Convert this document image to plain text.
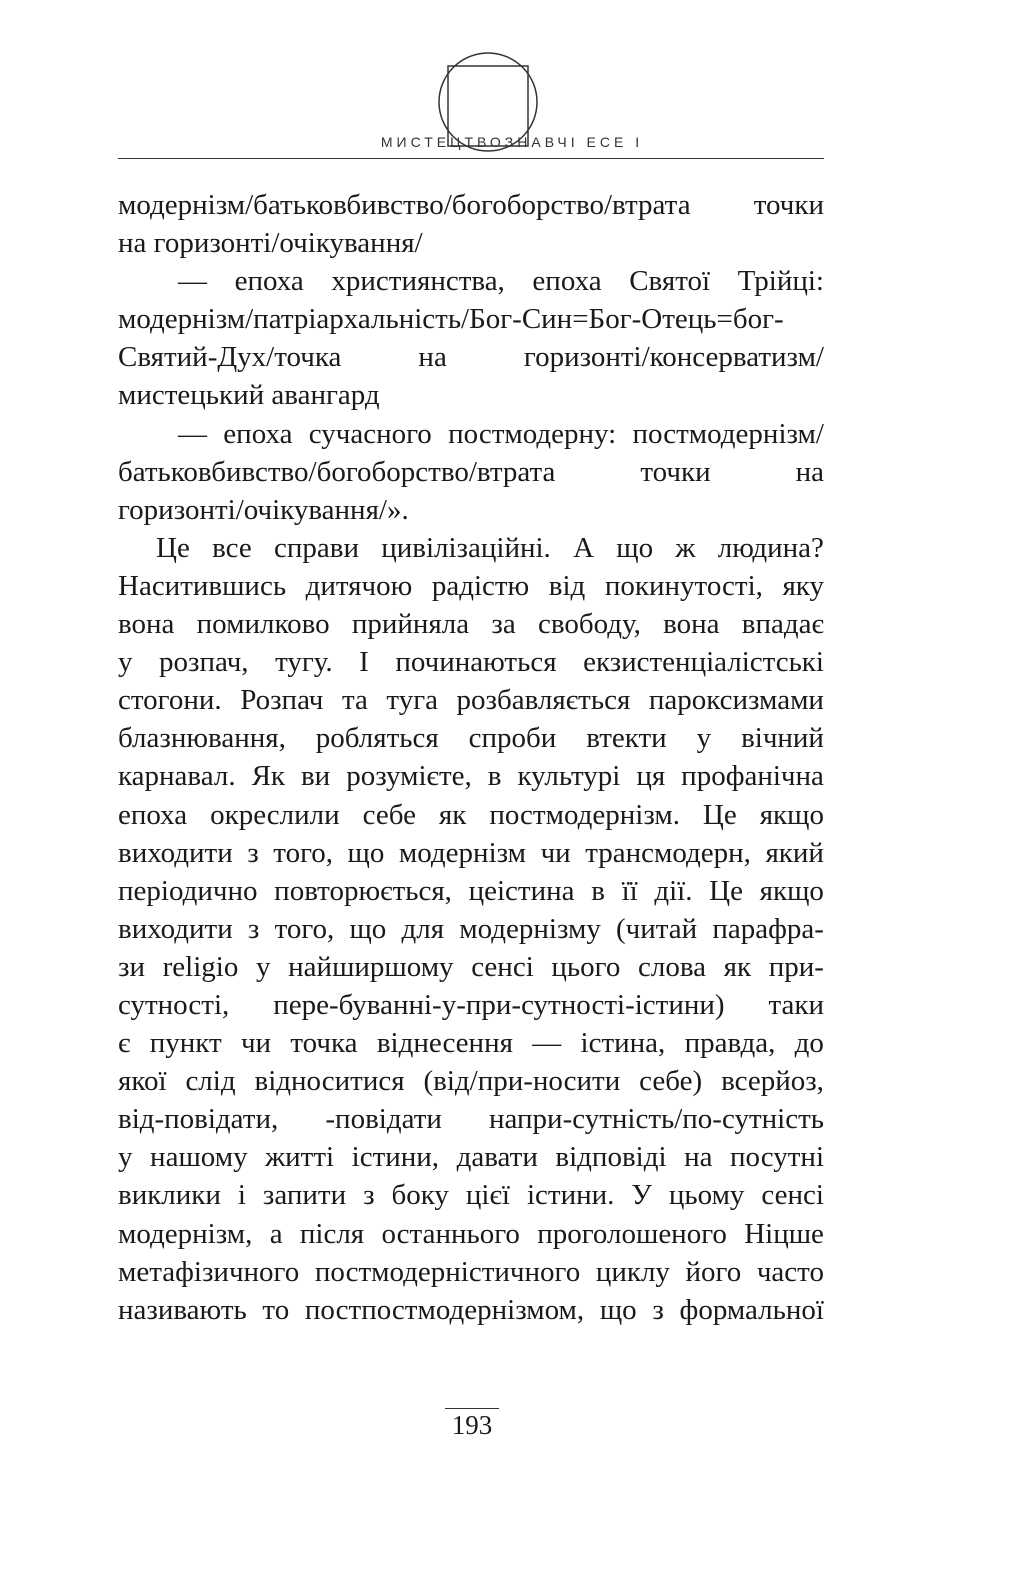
МИСТЕЦТВОЗНАВЧІ ЕСЕ І
модернізм/батьковбивство/богоборство/втрата точки
на горизонті/очікування/
— епоха християнства, епоха Святої Трійці:
модернізм/патріархальність/Бог-Син=Бог-Отець=бог-
Святий-Дух/точка	на	горизонті/консерватизм/
мистецький авангард
— епоха сучасного постмодерну: постмодернізм/
батьковбивство/богоборство/втрата	точки	на
горизонті/очікування/».
Це все справи цивілізаційні. А що ж людина?
Наситившись дитячою радістю від покинутості, яку
вона помилково прийняла за свободу, вона впадає
у розпач, тугу. І починаються екзистенціалістські
стогони. Розпач та туга розбавляється пароксизмами
блазнювання, робляться спроби втекти у вічний
карнавал. Як ви розумієте, в культурі ця профанічна
епоха окреслили себе як постмодернізм. Це якщо
виходити з того, що модернізм чи трансмодерн, який
періодично повторюється, цеістина в її дії. Це якщо
виходити з того, що для модернізму (читай парафра-
зи religio у найширшому сенсі цього слова як при-
сутності, пере-буванні-у-при-сутності-істини) таки
є пункт чи точка віднесення — істина, правда, до
якої слід відноситися (від/при-носити себе) всерйоз,
від-повідати, -повідати напри-сутність/по-сутність
у нашому житті істини, давати відповіді на посутні
виклики і запити з боку цієї істини. У цьому сенсі
модернізм, а після останнього проголошеного Ніцше
метафізичного постмодерністичного циклу його часто
називають то постпостмодернізмом, що з формальної
193
